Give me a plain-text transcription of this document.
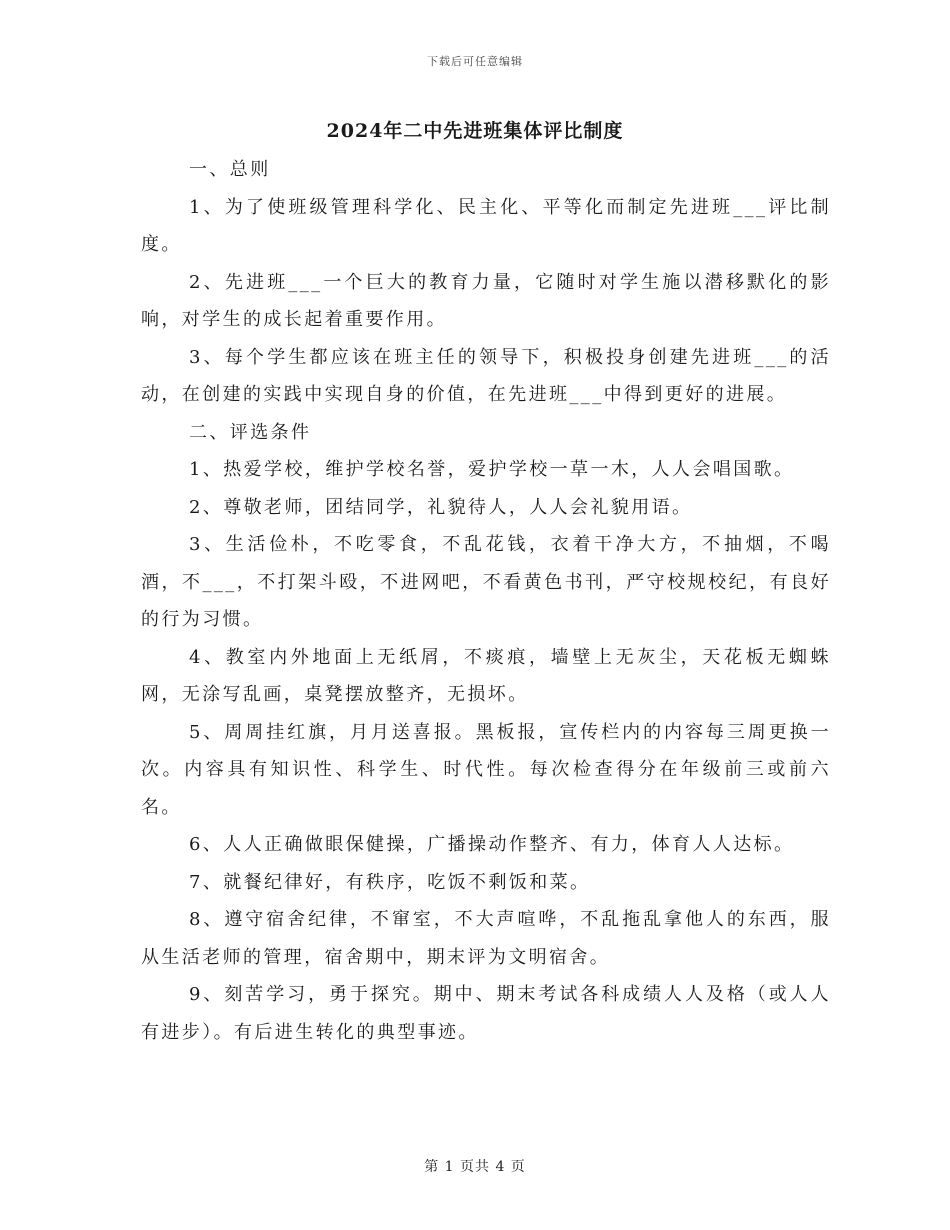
下载后可任意编辑
2024年二中先进班集体评比制度

一、总则

1、为了使班级管理科学化、民主化、平等化而制定先进班___评比制度。

2、先进班___一个巨大的教育力量，它随时对学生施以潜移默化的影响，对学生的成长起着重要作用。

3、每个学生都应该在班主任的领导下，积极投身创建先进班___的活动，在创建的实践中实现自身的价值，在先进班___中得到更好的进展。

二、评选条件

1、热爱学校，维护学校名誉，爱护学校一草一木，人人会唱国歌。

2、尊敬老师，团结同学，礼貌待人，人人会礼貌用语。

3、生活俭朴，不吃零食，不乱花钱，衣着干净大方，不抽烟，不喝酒，不___，不打架斗殴，不进网吧，不看黄色书刊，严守校规校纪，有良好的行为习惯。

4、教室内外地面上无纸屑，不痰痕，墙壁上无灰尘，天花板无蜘蛛网，无涂写乱画，桌凳摆放整齐，无损坏。

5、周周挂红旗，月月送喜报。黑板报，宣传栏内的内容每三周更换一次。内容具有知识性、科学生、时代性。每次检查得分在年级前三或前六名。

6、人人正确做眼保健操，广播操动作整齐、有力，体育人人达标。

7、就餐纪律好，有秩序，吃饭不剩饭和菜。

8、遵守宿舍纪律，不窜室，不大声喧哗，不乱拖乱拿他人的东西，服从生活老师的管理，宿舍期中，期末评为文明宿舍。

9、刻苦学习，勇于探究。期中、期末考试各科成绩人人及格（或人人有进步）。有后进生转化的典型事迹。

第 1 页共 4 页
